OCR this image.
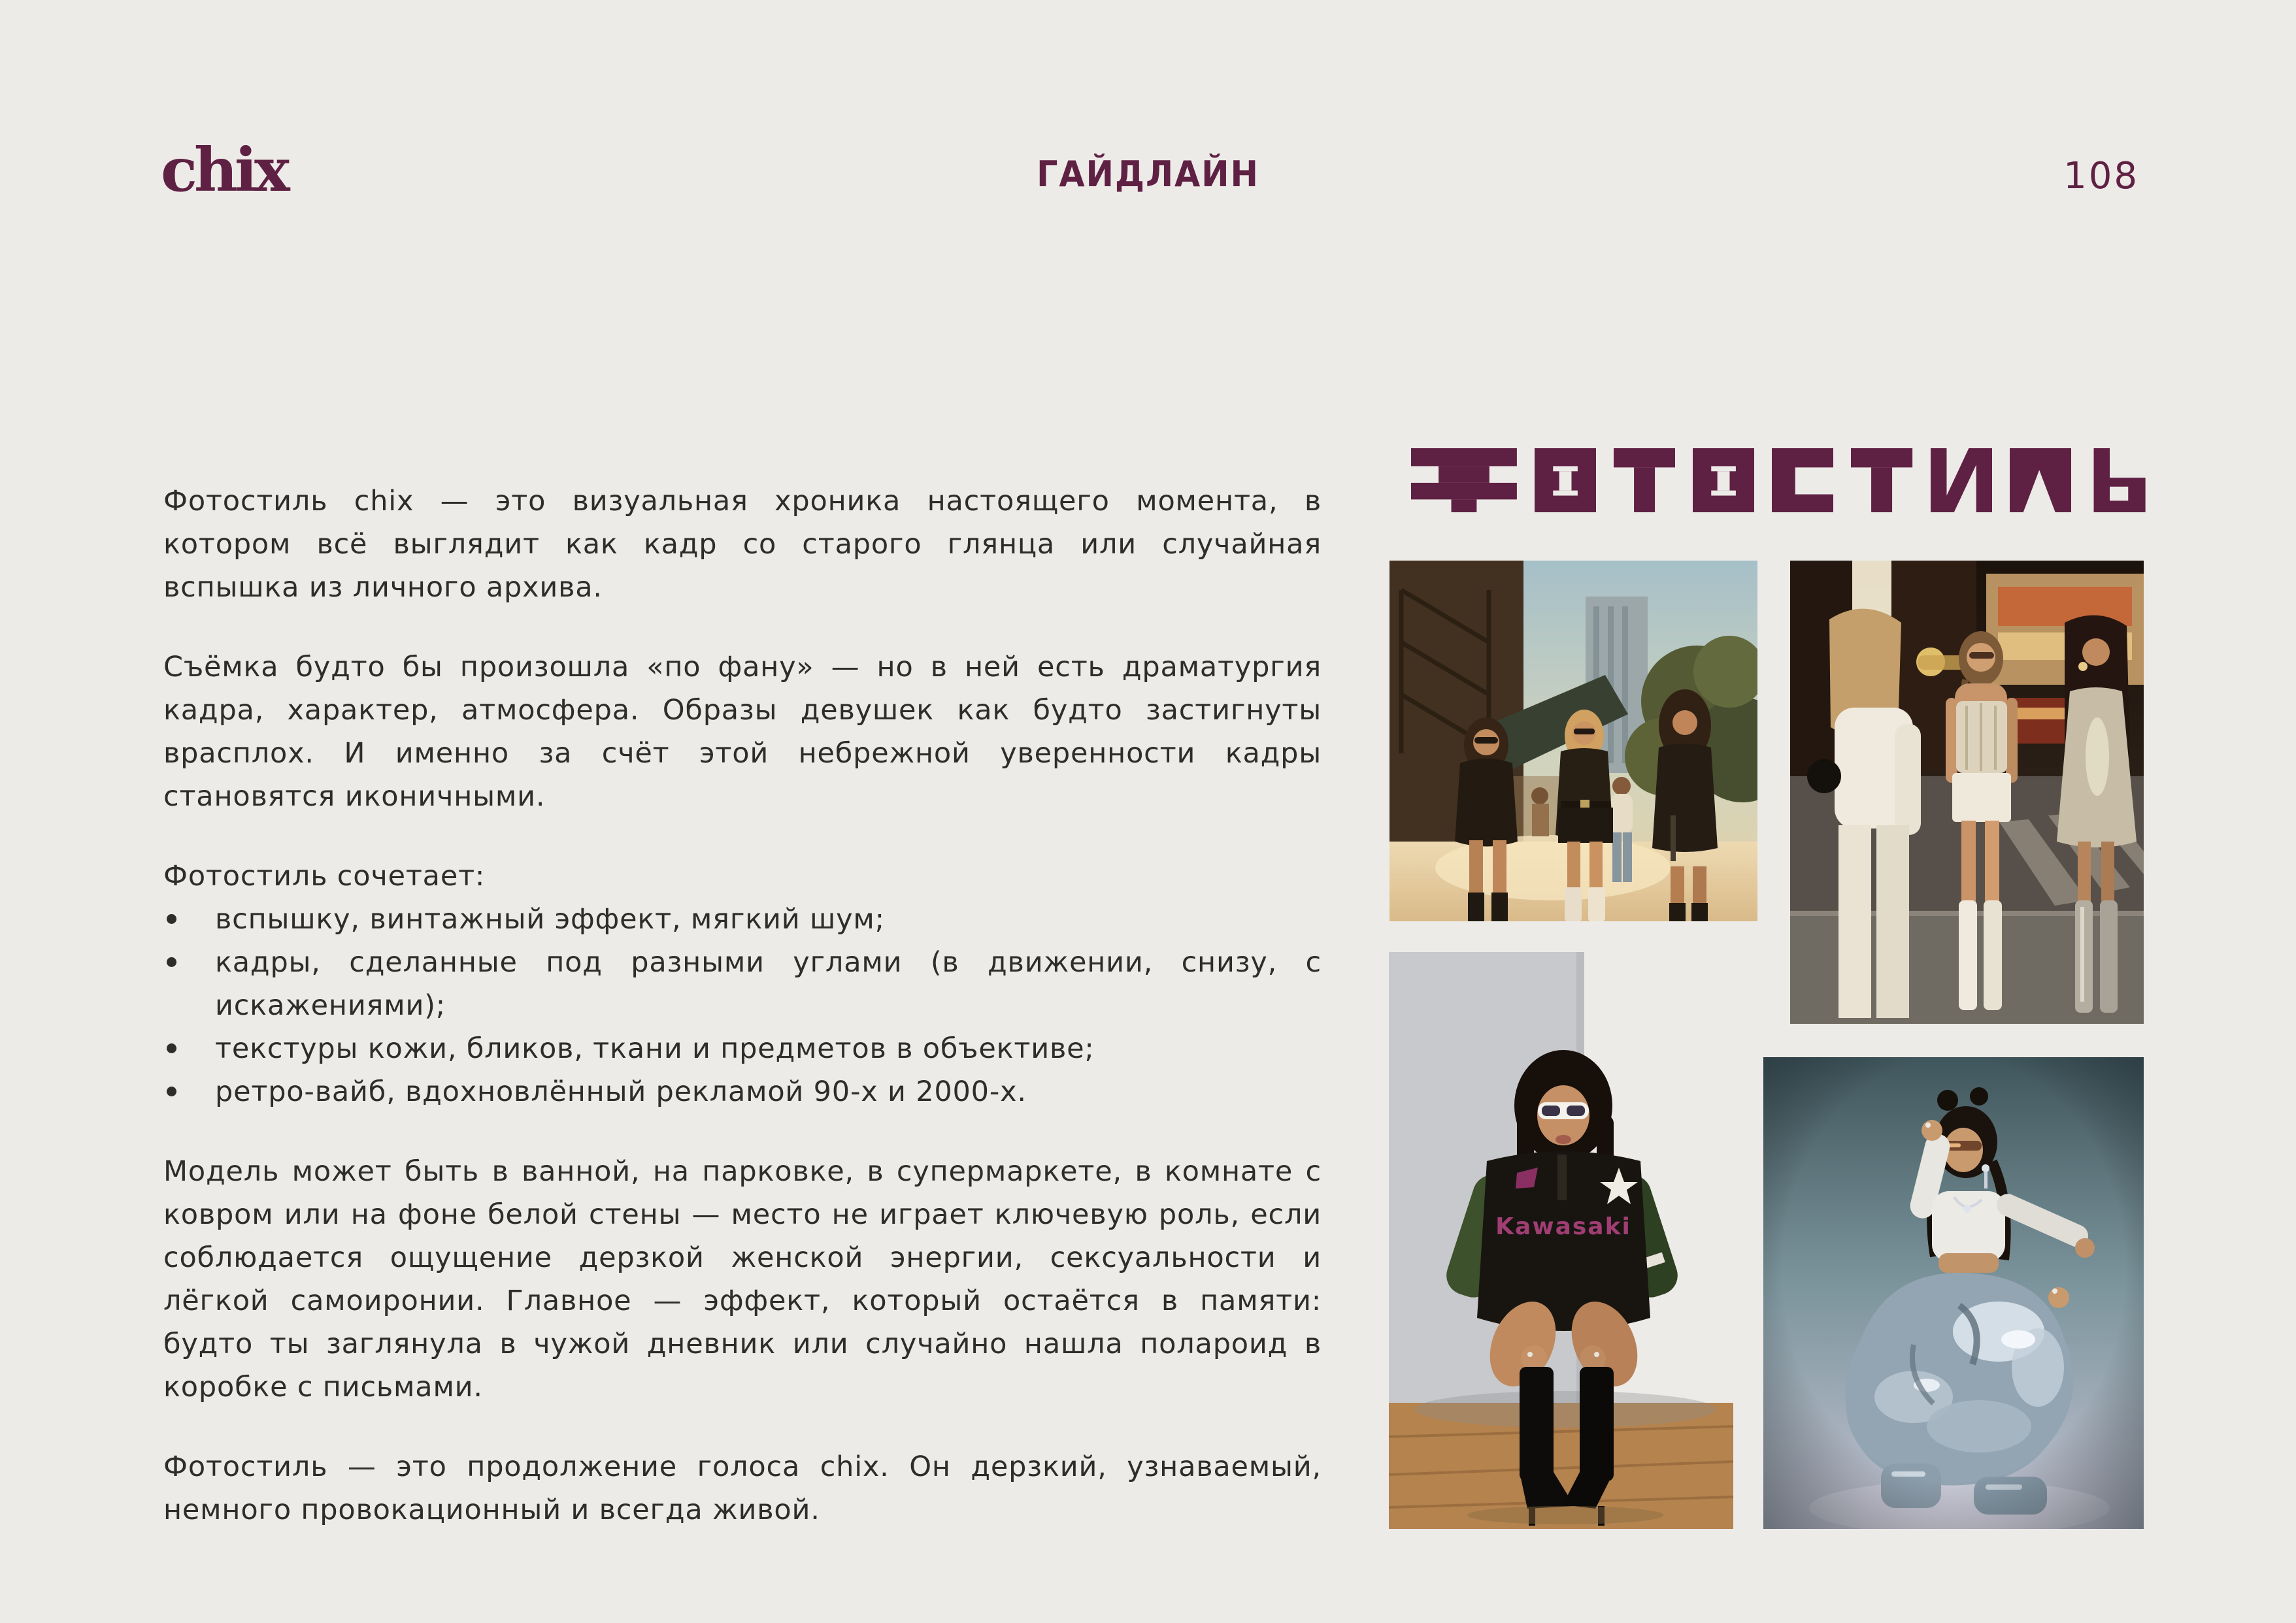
chix	ГАЙДЛАЙН	108

Фотостиль chix — это визуальная хроника настоящего момента, в котором всё выглядит как кадр со старого глянца или случайная вспышка из личного архива.

Съёмка будто бы произошла «по фану» — но в ней есть драматургия кадра, характер, атмосфера. Образы девушек как будто застигнуты врасплох. И именно за счёт этой небрежной уверенности кадры становятся иконичными.

Фотостиль сочетает:

вспышку, винтажный эффект, мягкий шум;
кадры, сделанные под разными углами (в движении, снизу, с искажениями);
текстуры кожи, бликов, ткани и предметов в объективе;
ретро-вайб, вдохновлённый рекламой 90-х и 2000-х.

Модель может быть в ванной, на парковке, в супермаркете, в комнате с ковром или на фоне белой стены — место не играет ключевую роль, если соблюдается ощущение дерзкой женской энергии, сексуальности и лёгкой самоиронии. Главное — эффект, который остаётся в памяти: будто ты заглянула в чужой дневник или случайно нашла полароид в коробке с письмами.

Фотостиль — это продолжение голоса chix. Он дерзкий, узнаваемый, немного провокационный и всегда живой.

Kawasaki
